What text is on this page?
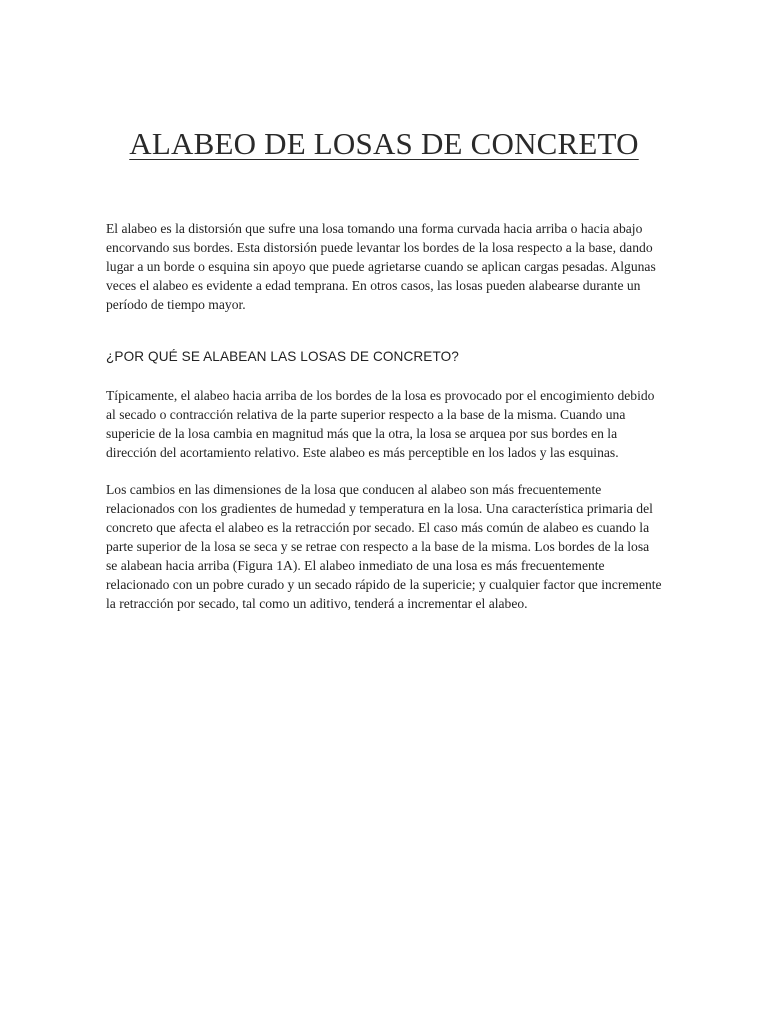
ALABEO DE LOSAS DE CONCRETO

El alabeo es la distorsión que sufre una losa tomando una forma curvada hacia arriba o hacia abajo encorvando sus bordes. Esta distorsión puede levantar los bordes de la losa respecto a la base, dando lugar a un borde o esquina sin apoyo que puede agrietarse cuando se aplican cargas pesadas. Algunas veces el alabeo es evidente a edad temprana. En otros casos, las losas pueden alabearse durante un período de tiempo mayor.

¿POR QUÉ SE ALABEAN LAS LOSAS DE CONCRETO?

Típicamente, el alabeo hacia arriba de los bordes de la losa es provocado por el encogimiento debido al secado o contracción relativa de la parte superior respecto a la base de la misma. Cuando una supericie de la losa cambia en magnitud más que la otra, la losa se arquea por sus bordes en la dirección del acortamiento relativo. Este alabeo es más perceptible en los lados y las esquinas.

Los cambios en las dimensiones de la losa que conducen al alabeo son más frecuentemente relacionados con los gradientes de humedad y temperatura en la losa. Una característica primaria del concreto que afecta el alabeo es la retracción por secado. El caso más común de alabeo es cuando la parte superior de la losa se seca y se retrae con respecto a la base de la misma. Los bordes de la losa se alabean hacia arriba (Figura 1A). El alabeo inmediato de una losa es más frecuentemente relacionado con un pobre curado y un secado rápido de la supericie; y cualquier factor que incremente la retracción por secado, tal como un aditivo, tenderá a incrementar el alabeo.
